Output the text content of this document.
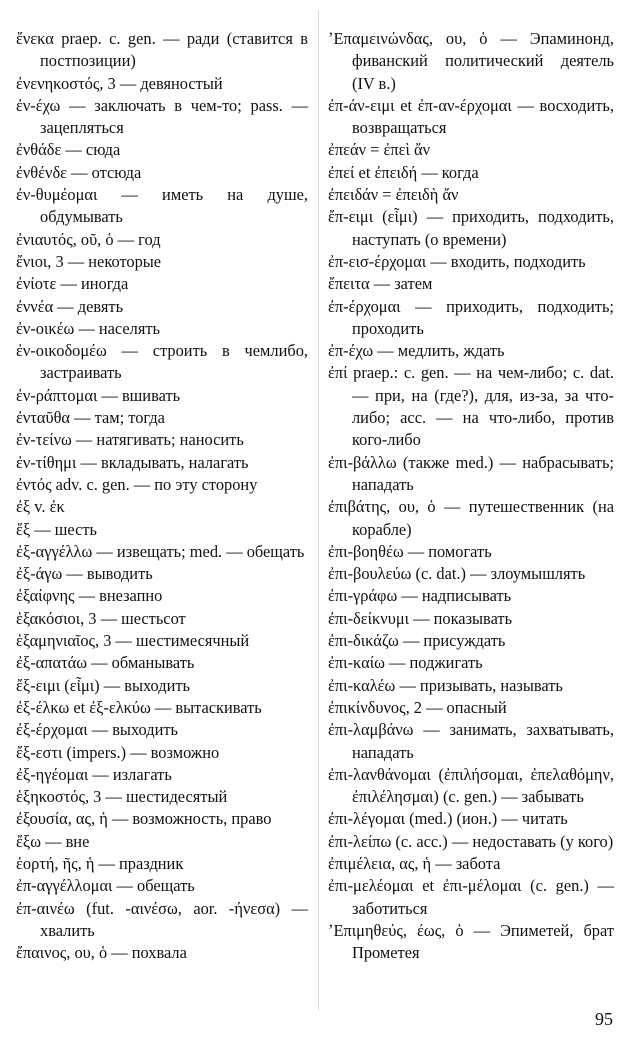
ἕνεκα praep. c. gen. — ради (ставится в постпозиции)
ἐνενηκοστός, 3 — девяностый
ἐν-έχω — заключать в чем-то; pass. — зацепляться
ἐνθάδε — сюда
ἐνθένδε — отсюда
ἐν-θυμέομαι — иметь на душе, обдумывать
ἐνιαυτός, οῦ, ὁ — год
ἔνιοι, 3 — некоторые
ἐνίοτε — иногда
ἐννέα — девять
ἐν-οικέω — населять
ἐν-οικοδομέω — строить в чемлибо, застраивать
ἐν-ράπτομαι — вшивать
ἐνταῦθα — там; тогда
ἐν-τείνω — натягивать; наносить
ἐν-τίθημι — вкладывать, налагать
ἐντός adv. c. gen. — по эту сторону
ἐξ v. ἐκ
ἕξ — шесть
ἐξ-αγγέλλω — извещать; med. — обещать
ἐξ-άγω — выводить
ἐξαίφνης — внезапно
ἑξακόσιοι, 3 — шестьсот
ἑξαμηνιαῖος, 3 — шестимесячный
ἐξ-απατάω — обманывать
ἔξ-ειμι (εἶμι) — выходить
ἐξ-έλκω et ἐξ-ελκύω — вытаскивать
ἐξ-έρχομαι — выходить
ἔξ-εστι (impers.) — возможно
ἐξ-ηγέομαι — излагать
ἑξηκοστός, 3 — шестидесятый
ἐξουσία, ας, ἡ — возможность, право
ἔξω — вне
ἑορτή, ῆς, ἡ — праздник
ἐπ-αγγέλλομαι — обещать
ἐπ-αινέω (fut. -αινέσω, aor. -ήνεσα) — хвалить
ἔπαινος, ου, ὁ — похвала
ʼΕπαμεινώνδας, ου, ὁ — Эпаминонд, фиванский политический деятель (IV в.)
ἐπ-άν-ειμι et ἐπ-αν-έρχομαι — восходить, возвращаться
ἐπεάν = ἐπεὶ ἄν
ἐπεί et ἐπειδή — когда
ἐπειδάν = ἐπειδὴ ἄν
ἔπ-ειμι (εἶμι) — приходить, подходить, наступать (о времени)
ἐπ-εισ-έρχομαι — входить, подходить
ἔπειτα — затем
ἐπ-έρχομαι — приходить, подходить; проходить
ἐπ-έχω — медлить, ждать
ἐπί praep.: c. gen. — на чем-либо; c. dat. — при, на (где?), для, из-за, за что-либо; acc. — на что-либо, против кого-либо
ἐπι-βάλλω (также med.) — набрасывать; нападать
ἐπιβάτης, ου, ὁ — путешественник (на корабле)
ἐπι-βοηθέω — помогать
ἐπι-βουλεύω (c. dat.) — злоумышлять
ἐπι-γράφω — надписывать
ἐπι-δείκνυμι — показывать
ἐπι-δικάζω — присуждать
ἐπι-καίω — поджигать
ἐπι-καλέω — призывать, называть
ἐπικίνδυνος, 2 — опасный
ἐπι-λαμβάνω — занимать, захватывать, нападать
ἐπι-λανθάνομαι (ἐπιλήσομαι, ἐπελαθόμην, ἐπιλέλησμαι) (c. gen.) — забывать
ἐπι-λέγομαι (med.) (ион.) — читать
ἐπι-λείπω (c. acc.) — недоставать (у кого)
ἐπιμέλεια, ας, ἡ — забота
ἐπι-μελέομαι et ἐπι-μέλομαι (c. gen.) — заботиться
ʼΕπιμηθεύς, έως, ὁ — Эпиметей, брат Прометея
95
